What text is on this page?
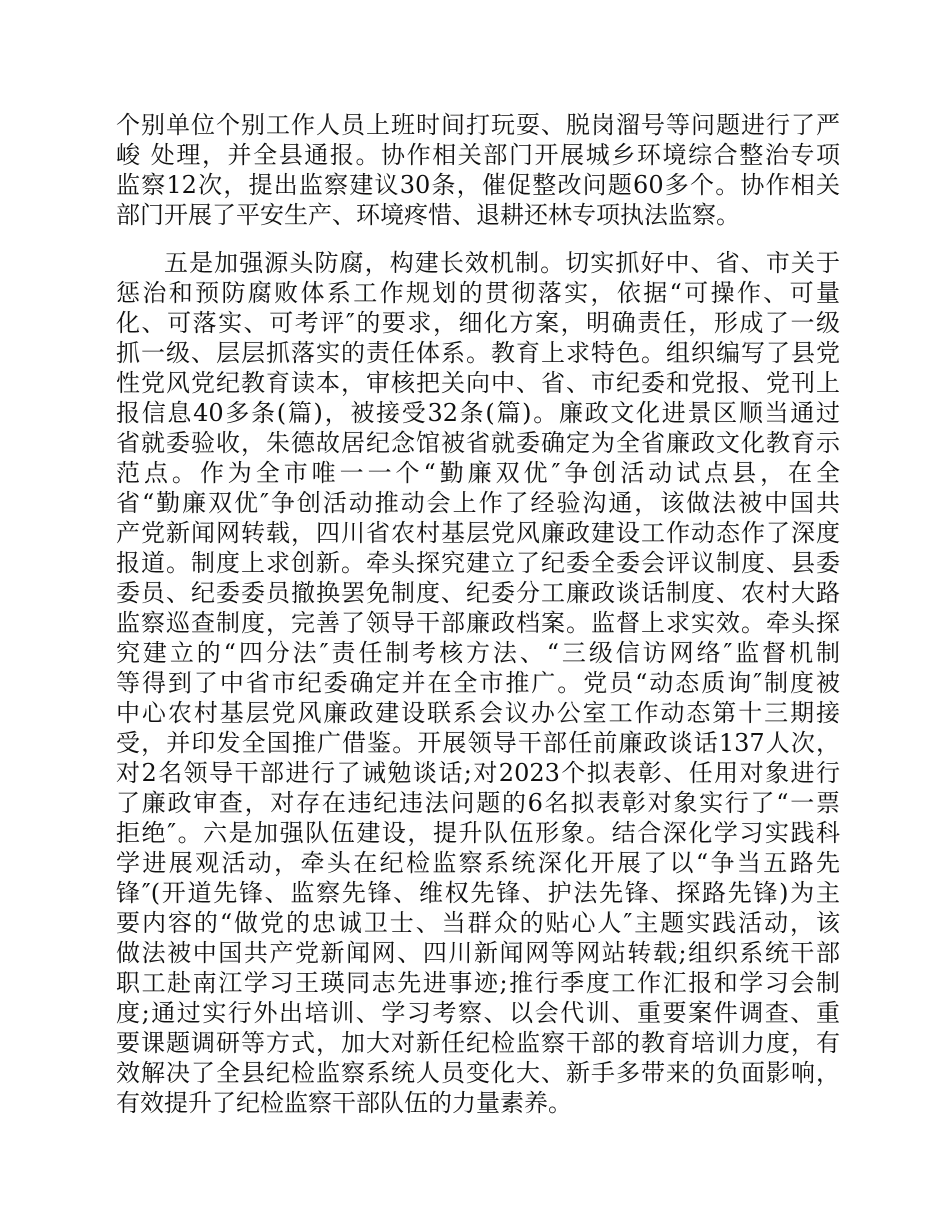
个别单位个别工作人员上班时间打玩耍、脱岗溜号等问题进行了严
峻 处理，并全县通报。协作相关部门开展城乡环境综合整治专项
监察12次，提出监察建议30条，催促整改问题60多个。协作相关
部门开展了平安生产、环境疼惜、退耕还林专项执法监察。
五是加强源头防腐，构建长效机制。切实抓好中、省、市关于
惩治和预防腐败体系工作规划的贯彻落实，依据“可操作、可量
化、可落实、可考评″的要求，细化方案，明确责任，形成了一级
抓一级、层层抓落实的责任体系。教育上求特色。组织编写了县党
性党风党纪教育读本，审核把关向中、省、市纪委和党报、党刊上
报信息40多条(篇)，被接受32条(篇)。廉政文化进景区顺当通过
省就委验收，朱德故居纪念馆被省就委确定为全省廉政文化教育示
范点。作为全市唯一一个“勤廉双优″争创活动试点县，在全
省“勤廉双优″争创活动推动会上作了经验沟通，该做法被中国共
产党新闻网转载，四川省农村基层党风廉政建设工作动态作了深度
报道。制度上求创新。牵头探究建立了纪委全委会评议制度、县委
委员、纪委委员撤换罢免制度、纪委分工廉政谈话制度、农村大路
监察巡查制度，完善了领导干部廉政档案。监督上求实效。牵头探
究建立的“四分法″责任制考核方法、“三级信访网络″监督机制
等得到了中省市纪委确定并在全市推广。党员“动态质询″制度被
中心农村基层党风廉政建设联系会议办公室工作动态第十三期接
受，并印发全国推广借鉴。开展领导干部任前廉政谈话137人次，
对2名领导干部进行了诫勉谈话;对2023个拟表彰、任用对象进行
了廉政审查，对存在违纪违法问题的6名拟表彰对象实行了“一票
拒绝″。六是加强队伍建设，提升队伍形象。结合深化学习实践科
学进展观活动，牵头在纪检监察系统深化开展了以“争当五路先
锋″(开道先锋、监察先锋、维权先锋、护法先锋、探路先锋)为主
要内容的“做党的忠诚卫士、当群众的贴心人″主题实践活动，该
做法被中国共产党新闻网、四川新闻网等网站转载;组织系统干部
职工赴南江学习王瑛同志先进事迹;推行季度工作汇报和学习会制
度;通过实行外出培训、学习考察、以会代训、重要案件调查、重
要课题调研等方式，加大对新任纪检监察干部的教育培训力度，有
效解决了全县纪检监察系统人员变化大、新手多带来的负面影响，
有效提升了纪检监察干部队伍的力量素养。
